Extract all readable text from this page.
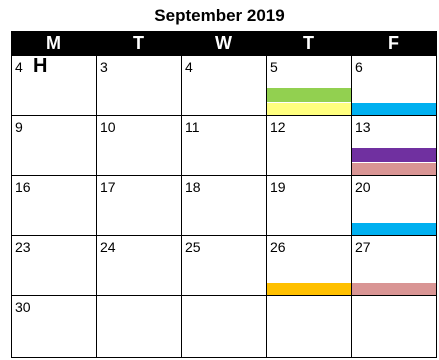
September 2019
M	T	W	T	F
4 H	3	4	5	6
9	10	11	12	13
16	17	18	19	20
23	24	25	26	27
30
